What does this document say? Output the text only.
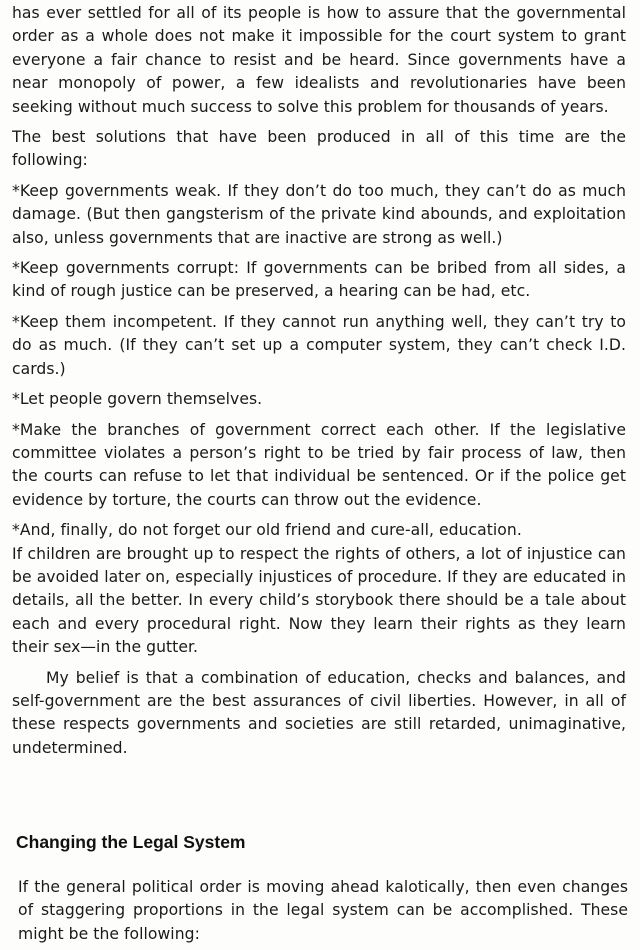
has ever settled for all of its people is how to assure that the governmental order as a whole does not make it impossible for the court system to grant everyone a fair chance to resist and be heard. Since governments have a near monopoly of power, a few idealists and revolutionaries have been seeking without much success to solve this problem for thousands of years.

The best solutions that have been produced in all of this time are the following:

*Keep governments weak. If they don’t do too much, they can’t do as much damage. (But then gangsterism of the private kind abounds, and exploitation also, unless governments that are inactive are strong as well.)

*Keep governments corrupt: If governments can be bribed from all sides, a kind of rough justice can be preserved, a hearing can be had, etc.

*Keep them incompetent. If they cannot run anything well, they can’t try to do as much. (If they can’t set up a computer system, they can’t check I.D. cards.)

*Let people govern themselves.

*Make the branches of government correct each other. If the legislative committee violates a person’s right to be tried by fair process of law, then the courts can refuse to let that individual be sentenced. Or if the police get evidence by torture, the courts can throw out the evidence.

*And, finally, do not forget our old friend and cure-all, education.

If children are brought up to respect the rights of others, a lot of injustice can be avoided later on, especially injustices of procedure. If they are educated in details, all the better. In every child’s storybook there should be a tale about each and every procedural right. Now they learn their rights as they learn their sex—in the gutter.

My belief is that a combination of education, checks and balances, and self-government are the best assurances of civil liberties. However, in all of these respects governments and societies are still retarded, unimaginative, undetermined.

Changing the Legal System

If the general political order is moving ahead kalotically, then even changes of staggering proportions in the legal system can be accomplished. These might be the following:
